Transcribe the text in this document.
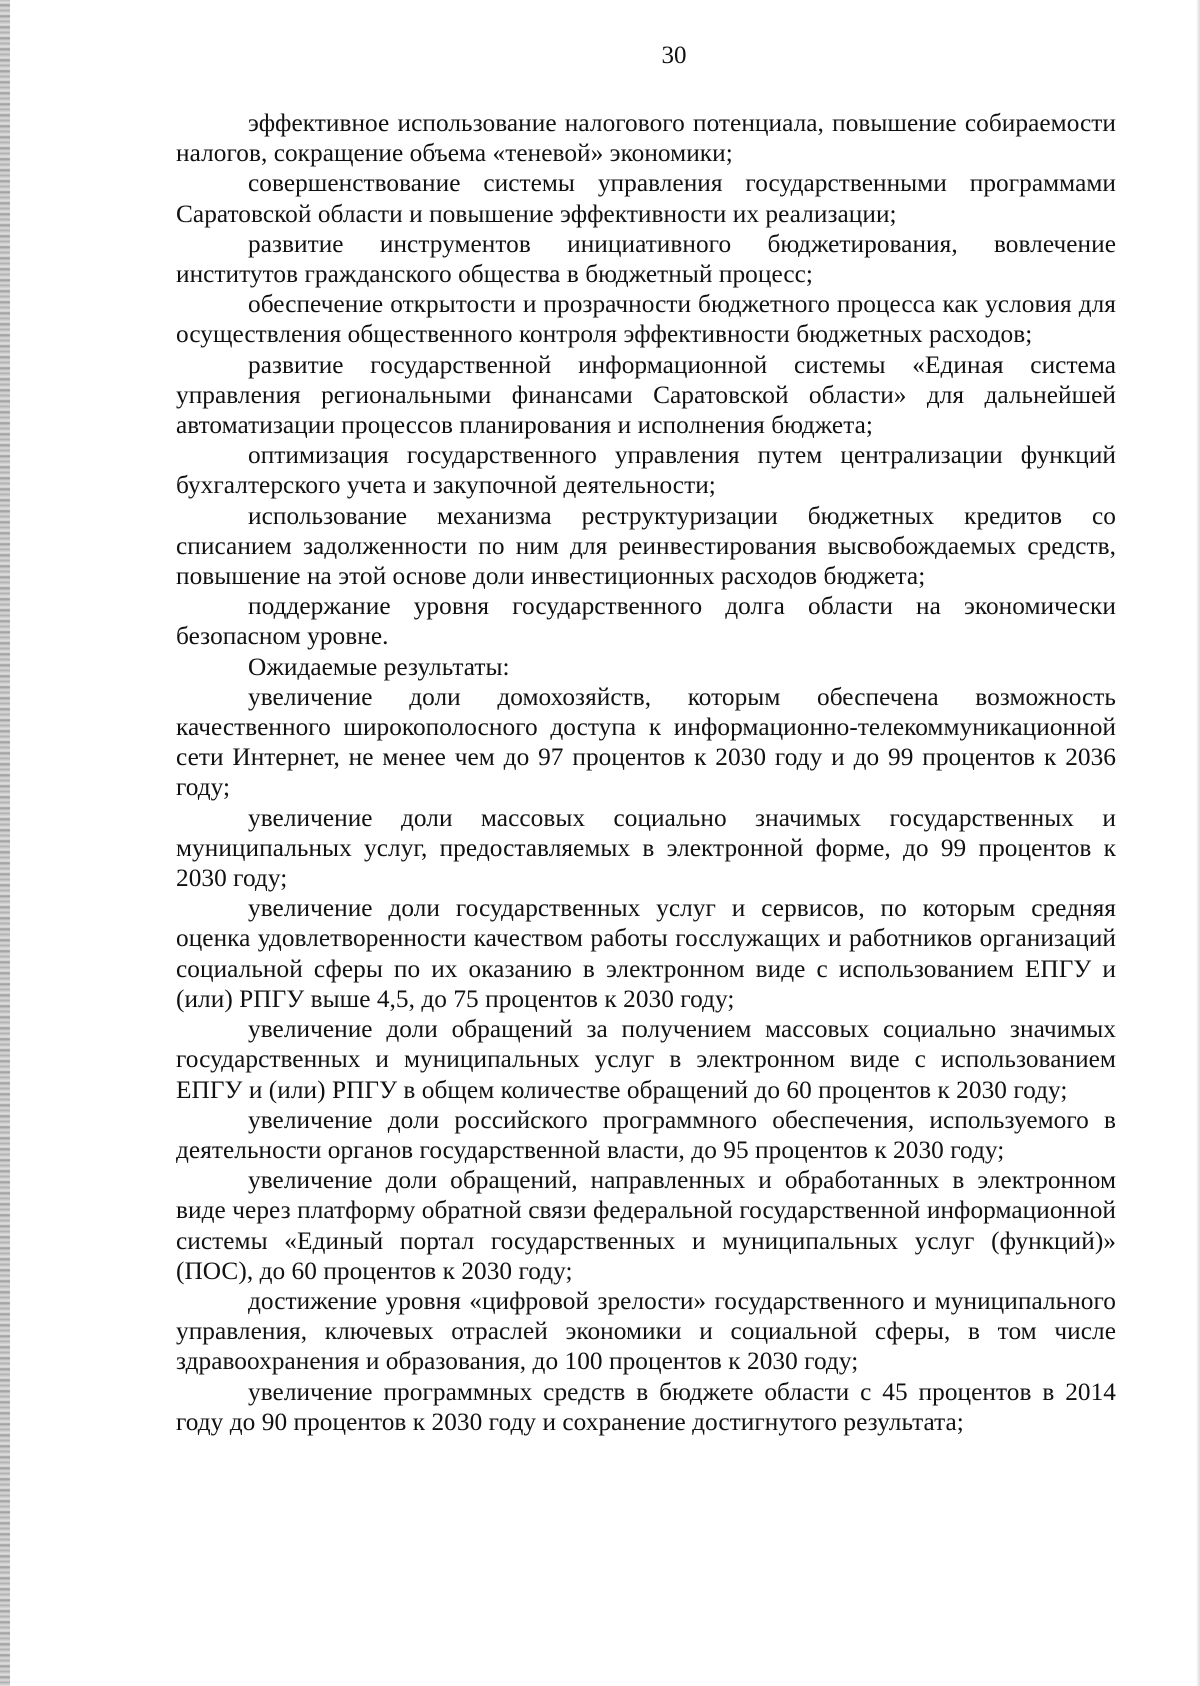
30

эффективное использование налогового потенциала, повышение собираемости налогов, сокращение объема «теневой» экономики;

совершенствование системы управления государственными программами Саратовской области и повышение эффективности их реализации;

развитие инструментов инициативного бюджетирования, вовлечение институтов гражданского общества в бюджетный процесс;

обеспечение открытости и прозрачности бюджетного процесса как условия для осуществления общественного контроля эффективности бюджетных расходов;

развитие государственной информационной системы «Единая система управления региональными финансами Саратовской области» для дальнейшей автоматизации процессов планирования и исполнения бюджета;

оптимизация государственного управления путем централизации функций бухгалтерского учета и закупочной деятельности;

использование механизма реструктуризации бюджетных кредитов со списанием задолженности по ним для реинвестирования высвобождаемых средств, повышение на этой основе доли инвестиционных расходов бюджета;

поддержание уровня государственного долга области на экономически безопасном уровне.

Ожидаемые результаты:

увеличение доли домохозяйств, которым обеспечена возможность качественного широкополосного доступа к информационно-телекоммуникационной сети Интернет, не менее чем до 97 процентов к 2030 году и до 99 процентов к 2036 году;

увеличение доли массовых социально значимых государственных и муниципальных услуг, предоставляемых в электронной форме, до 99 процентов к 2030 году;

увеличение доли государственных услуг и сервисов, по которым средняя оценка удовлетворенности качеством работы госслужащих и работников организаций социальной сферы по их оказанию в электронном виде с использованием ЕПГУ и (или) РПГУ выше 4,5, до 75 процентов к 2030 году;

увеличение доли обращений за получением массовых социально значимых государственных и муниципальных услуг в электронном виде с использованием ЕПГУ и (или) РПГУ в общем количестве обращений до 60 процентов к 2030 году;

увеличение доли российского программного обеспечения, используемого в деятельности органов государственной власти, до 95 процентов к 2030 году;

увеличение доли обращений, направленных и обработанных в электронном виде через платформу обратной связи федеральной государственной информационной системы «Единый портал государственных и муниципальных услуг (функций)» (ПОС), до 60 процентов к 2030 году;

достижение уровня «цифровой зрелости» государственного и муниципального управления, ключевых отраслей экономики и социальной сферы, в том числе здравоохранения и образования, до 100 процентов к 2030 году;

увеличение программных средств в бюджете области с 45 процентов в 2014 году до 90 процентов к 2030 году и сохранение достигнутого результата;
